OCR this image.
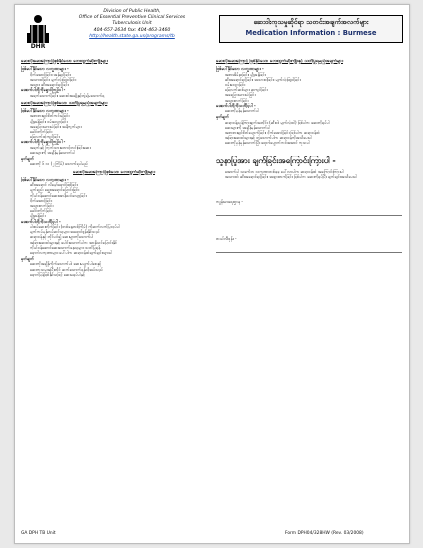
DHR
Division of Public Health,
Office of Essential Preventive Clinical Services
Tuberculosis Unit
404-657-2634 fax: 404-463-3460
http://health.state.ga.us/programs/tb
ဆေးဝါးကုသမှုဆိုင်ရာ သတင်းအချက်အလက်များ
Medication Information : Burmese
ဆေးလိုးဆေးကြောင့်ဖြစ်နိုင်သော ဘေးထွက်ဆိုးကျိုးများ
ဖြစ်ပေါ်နိုင်သော လက္ခဏာများ -
ဗိုက်အောင့်ခြင်း၊ အန်ချင်ခြင်း
အသားဝါခြင်း၊ မျက်လုံးဖြူဝါခြင်း
အဖျား၊ ဆီးအရောင်ရင့်ခြင်း
အောက်ပါတို့ကိုရှောင်ကြဉ်ပါ -
အရက်သောက်ခြင်း၊ ဆေးဝါးအချို့နှင့်တွဲ၍မသောက်ရ
ဆေးလိုးဆေးကြောင့်ဖြစ်သော သတိပြုရမည့်အချက်များ
ဖြစ်ပေါ်နိုင်သော လက္ခဏာများ -
အစာစားချင်စိတ်ကင်းမဲ့ခြင်း
ပျို့အန်ခြင်း၊ ဝမ်းလျှောခြင်း
အရေပြားယားယံခြင်း၊ အနီကွက်များ
ခေါင်းကိုက်ခြင်း
ခြေလက်ထုံကျင်ခြင်း
အောက်ပါတို့ကိုရှောင်ကြဉ်ပါ -
အရက်နှင့် ကြွက်သားတောင့်တင်းခြင်းဆေး
ဆေးများကို အချိန်မှန်သောက်ပါ
မှတ်ချက်
ဆေးကို ၆ လ (၂ ကြိမ်) သောက်ရပါမည်
ဆေးလိုးဆေးကြောင့်ဖြစ်သော ဘေးထွက်ဆိုးကျိုးများ
ဖြစ်ပေါ်နိုင်သော လက္ခဏာများ -
ဆီးအရောင် လိမ္မော်ရောင်ဖြစ်ခြင်း
မျက်ရည်၊ ချွေးအရောင်ပြောင်းခြင်း
ကိုယ်ဝန်ဆောင်ဆေးအာနိသင်လျော့ခြင်း
ဗိုက်အောင့်ခြင်း
အဖျားတက်ခြင်း
ခေါင်းကိုက်ခြင်း
ပျို့အန်ခြင်း
အောက်ပါတို့ကိုသတိပြုပါ -
ပါးစပ်ဆေးတိုက်ခြင်း (တစ်နေ့တစ်ကြိမ်) ကိုဆက်လက်ပြုလုပ်ပါ
မျက်ကပ်မှန်တပ်ဆင်သူများ အရောင်စွန်းနိုင်သည်
ဆရာဝန်နှင့် တိုင်ပင်၍ ဆေးများကိုသောက်ပါ
အခြားဆေးဝါးများနှင့် ပေါင်းသောက်ပါက အာနိသင်ပြောင်းနိုင်
ကိုယ်ဝန်ဆောင်ဆေးသောက်နေသူများ သတိပြုရန်
ရောဂါလက္ခဏာများ ပေါ်ပါက ဆရာဝန်ထံချက်ချင်းသွားပါ
မှတ်ချက်
ဆေးကိုအချိန်ကိုက်သောက်ပါ၊ ဆေးမပျက်ပါစေနှင့်
ဆေးကုသမှုအပြီးတိုင် ဆက်သောက်ရန်လိုအပ်သည်
ရောဂါပြန်ဖြစ်နိုင်သဖြင့် ဆေးမရပ်ပါနှင့်
ဆေးလိုးဆေးကြောင့် ဖြစ်နိုင်သော ဘေးထွက်ဆိုးကျိုးနှင့် သတိပြုရမည့်အချက်များ
ဖြစ်ပေါ်နိုင်သော လက္ခဏာများ -
အစာအိမ်နာခြင်း၊ ပျို့အန်ခြင်း
ဆီးအရောင်ရင့်ခြင်း၊ အသားဝါခြင်း၊ မျက်လုံးဖြူဝါခြင်း
ဝမ်းလျှောခြင်း
ခြေလက်ဆစ်များ နာကျင်ခြင်း
အရေပြားယားယံခြင်း
အဖျားတက်ခြင်း
အောက်ပါတို့ကိုသတိပြုပါ -
ဆေးကိုမှန်မှန်သောက်ပါ
မှတ်ချက်
ဆရာဝန်ညွှန်ကြားချက်အတိုင်း (ဆီးဝါ၊ မျက်လုံးဝါ) ဖြစ်ပါက ဆေးကိုရပ်ပါ
ဆေးများကို အချိန်မှန်သောက်ပါ
အစာစားချင်စိတ်ပျောက်ခြင်း၊ ဗိုက်အောင့်ခြင်း ဖြစ်ပါက ဆရာဝန်ထံ
အခြားဆေးဝါးများနှင့် တွဲသောက်ပါက ဆရာဝန်ကိုအသိပေးပါ
ဆေးကိုမှန်မှန်သောက်ပြီး ရောဂါပျောက်ကင်းအောင် ကုသပါ
သူနာပြုအား ချက်ခြင်းအကြောင်းကြားပါ -
အောက်ပါ သင်္ကေတ လက္ခဏာတစ်ခုခု ပေါ်လာပါက ဆရာဝန်ထံ အကြောင်းကြားပါ
အသားဝါ၊ ဆီးအရောင်ရင့်ခြင်း၊ အဖျားတက်ခြင်း ဖြစ်ပါက ဆေးကိုရပ်ပြီး ချက်ချင်းအသိပေးပါ
ကျန်းမာရေးဌာန -
တယ်လီဖုန်း -
GA DPH TB Unit	Form DPH04/328HW (Rev. 03/2008)
